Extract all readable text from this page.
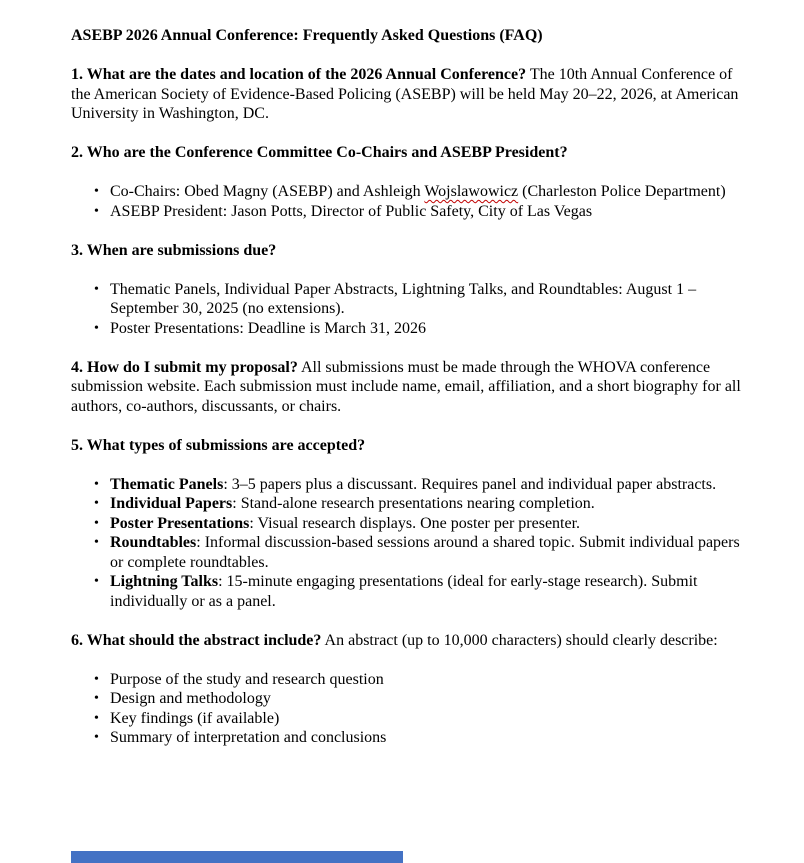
ASEBP 2026 Annual Conference: Frequently Asked Questions (FAQ)

1. What are the dates and location of the 2026 Annual Conference? The 10th Annual Conference of the American Society of Evidence-Based Policing (ASEBP) will be held May 20–22, 2026, at American University in Washington, DC.

2. Who are the Conference Committee Co-Chairs and ASEBP President?

• Co-Chairs: Obed Magny (ASEBP) and Ashleigh Wojslawowicz (Charleston Police Department)
• ASEBP President: Jason Potts, Director of Public Safety, City of Las Vegas

3. When are submissions due?

• Thematic Panels, Individual Paper Abstracts, Lightning Talks, and Roundtables: August 1 – September 30, 2025 (no extensions).
• Poster Presentations: Deadline is March 31, 2026

4. How do I submit my proposal? All submissions must be made through the WHOVA conference submission website. Each submission must include name, email, affiliation, and a short biography for all authors, co-authors, discussants, or chairs.

5. What types of submissions are accepted?

• Thematic Panels: 3–5 papers plus a discussant. Requires panel and individual paper abstracts.
• Individual Papers: Stand-alone research presentations nearing completion.
• Poster Presentations: Visual research displays. One poster per presenter.
• Roundtables: Informal discussion-based sessions around a shared topic. Submit individual papers or complete roundtables.
• Lightning Talks: 15-minute engaging presentations (ideal for early-stage research). Submit individually or as a panel.

6. What should the abstract include? An abstract (up to 10,000 characters) should clearly describe:

• Purpose of the study and research question
• Design and methodology
• Key findings (if available)
• Summary of interpretation and conclusions
